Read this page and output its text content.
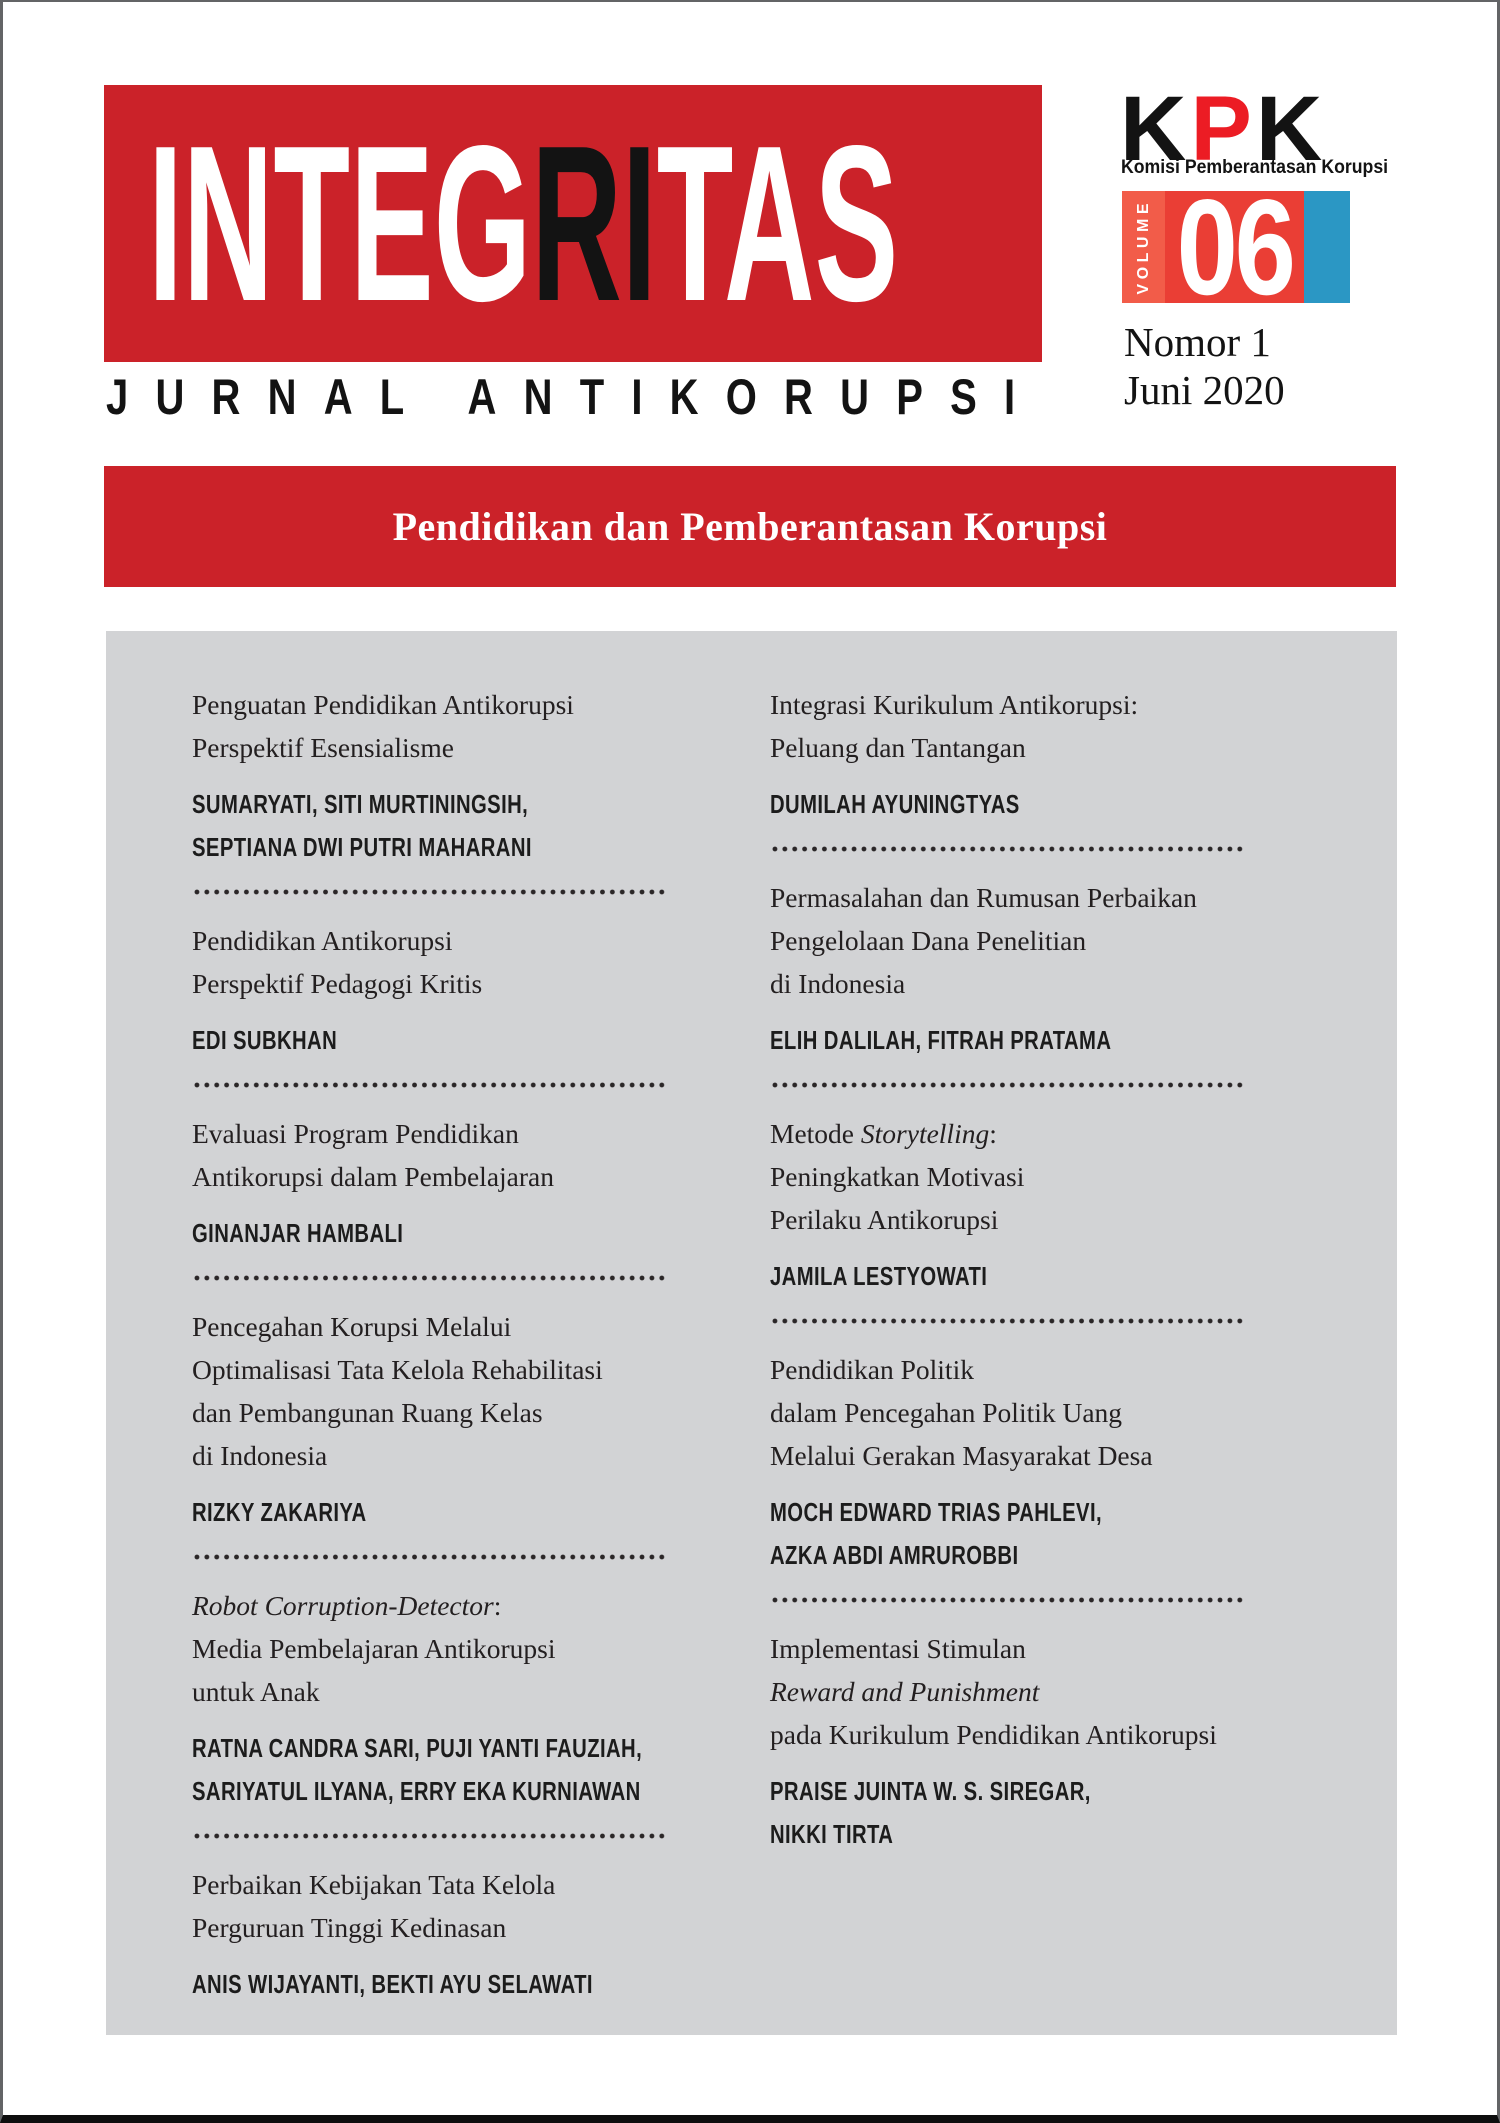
INTEGRITAS
JURNAL ANTIKORUPSI
KPK
Komisi Pemberantasan Korupsi
VOLUME 06
Nomor 1
Juni 2020
Pendidikan dan Pemberantasan Korupsi
Penguatan Pendidikan Antikorupsi
Perspektif Esensialisme
SUMARYATI, SITI MURTININGSIH,
SEPTIANA DWI PUTRI MAHARANI
Pendidikan Antikorupsi
Perspektif Pedagogi Kritis
EDI SUBKHAN
Evaluasi Program Pendidikan
Antikorupsi dalam Pembelajaran
GINANJAR HAMBALI
Pencegahan Korupsi Melalui
Optimalisasi Tata Kelola Rehabilitasi
dan Pembangunan Ruang Kelas
di Indonesia
RIZKY ZAKARIYA
Robot Corruption-Detector:
Media Pembelajaran Antikorupsi
untuk Anak
RATNA CANDRA SARI, PUJI YANTI FAUZIAH,
SARIYATUL ILYANA, ERRY EKA KURNIAWAN
Perbaikan Kebijakan Tata Kelola
Perguruan Tinggi Kedinasan
ANIS WIJAYANTI, BEKTI AYU SELAWATI
Integrasi Kurikulum Antikorupsi:
Peluang dan Tantangan
DUMILAH AYUNINGTYAS
Permasalahan dan Rumusan Perbaikan
Pengelolaan Dana Penelitian
di Indonesia
ELIH DALILAH, FITRAH PRATAMA
Metode Storytelling:
Peningkatkan Motivasi
Perilaku Antikorupsi
JAMILA LESTYOWATI
Pendidikan Politik
dalam Pencegahan Politik Uang
Melalui Gerakan Masyarakat Desa
MOCH EDWARD TRIAS PAHLEVI,
AZKA ABDI AMRUROBBI
Implementasi Stimulan
Reward and Punishment
pada Kurikulum Pendidikan Antikorupsi
PRAISE JUINTA W. S. SIREGAR,
NIKKI TIRTA
